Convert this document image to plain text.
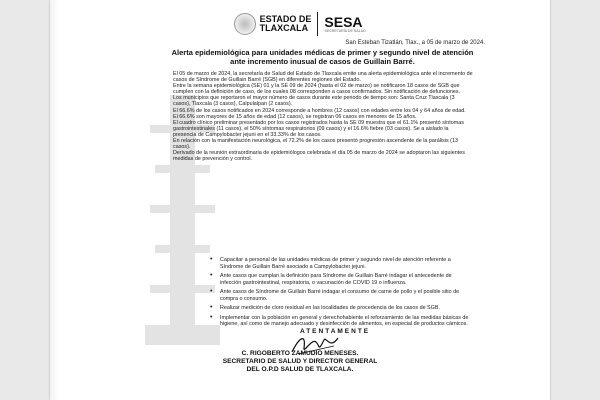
ESTADO DE
TLAXCALA SESA
SECRETARÍA DE SALUD
San Esteban Tizatlán, Tlax., a 05 de marzo de 2024.
Alerta epidemiológica para unidades médicas de primer y segundo nivel de atención ante incremento inusual de casos de Guillain Barré.

El 05 de marzo de 2024, la secretaría de Salud del Estado de Tlaxcala emite una alerta epidemiológica ante el incremento de casos de Síndrome de Guillain Barré (SGB) en diferentes regiones del Estado.

Entre la semana epidemiológica (SE) 01 y la SE 09 de 2024 (hasta el 02 de marzo) se notificaron 18 casos de SGB que cumplen con la definición de caso, de los cuales 08 corresponden a casos confirmados. Sin notificación de defunciones.

Los municipios que reportaron el mayor número de casos durante este periodo de tiempo son: Santa Cruz Tlaxcala (3 casos), Tlaxcala (3 casos), Calpulalpan (2 casos).

El 66.6% de los casos notificados en 2024 corresponde a hombres (12 casos) con edades entre los 04 y 64 años de edad.

El 66.6% son mayores de 15 años de edad (12 casos), se registran 06 casos en menores de 15 años.

El cuadro clínico preliminar presentado por los casos registrados hasta la SE 09 muestra que el 61.1% presentó síntomas gastrointestinales (11 casos), el 50% síntomas respiratorios (09 casos) y el 16.6% fiebre (03 casos). Se a aislado la presencia de Campylobacter jejuni en el 33.33% de los casos.

En relación con la manifestación neurológica, el 72.2% de los casos presentó progresión ascendente de la parálisis (13 casos).

Derivado de la reunión extraordinaria de epidemiólogos celebrada el día 05 de marzo de 2024 se adoptaron las siguientes medidas de prevención y control.

• Capacitar a personal de las unidades médicas de primer y segundo nivel de atención referente a Síndrome de Guillain Barré asociado a Campylobacter jejuni.
• Ante casos que cumplan la definición para Síndrome de Guillain Barré indagar el antecedente de infección gastrointestinal, respiratoria, o vacunación de COVID 19 o influenza.
• Ante casos de Síndrome de Guillain Barré indagar el consumo de carne de pollo y el posible sitio de compra o consumo.
• Realizar medición de cloro residual en las localidades de procedencia de los casos de SGB.
• Implementar con la población en general y derechohabiente el reforzamiento de las medidas básicas de higiene, así como de manejo adecuado y desinfección de alimentos, en especial de productos cárnicos.
ATENTAMENTE
C. RIGOBERTO ZAMUDIO MENESES.
SECRETARIO DE SALUD Y DIRECTOR GENERAL
DEL O.P.D SALUD DE TLAXCALA.
